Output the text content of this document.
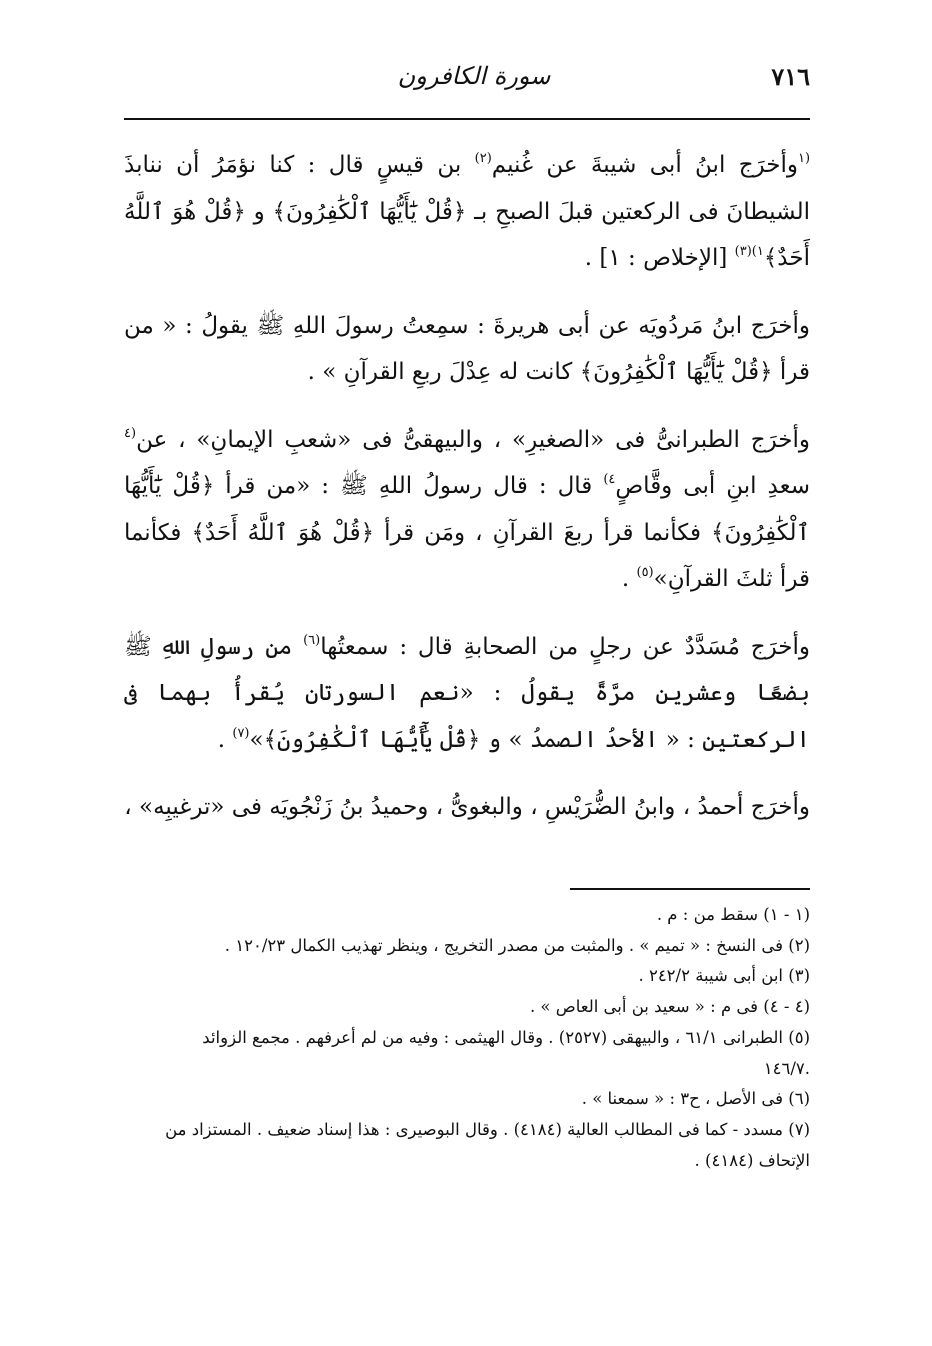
٧١٦
سورة الكافرون

$^{(١}$وأخرَج ابنُ أبى شيبةَ عن غُنيم$^{(٢)}$ بن قيسٍ قال : كنا نؤمَرُ أن ننابذَ الشيطانَ فى الركعتين قبلَ الصبحِ بـ ﴿قُلْ يَٰٓأَيُّهَا ٱلْكَٰفِرُونَ﴾ و ﴿قُلْ هُوَ ٱللَّهُ أَحَدٌ﴾$^{١)(٣)}$ [الإخلاص : ١] .

وأخرَج ابنُ مَردُويَه عن أبى هريرةَ : سمِعتُ رسولَ اللهِ ﷺ يقولُ : « من قرأ ﴿قُلْ يَٰٓأَيُّهَا ٱلْكَٰفِرُونَ﴾ كانت له عِدْلَ ربعِ القرآنِ » .

وأخرَج الطبرانىُّ فى «الصغيرِ» ، والبيهقىُّ فى «شعبِ الإيمانِ» ، عن$^{(٤}$ سعدِ ابنِ أبى وقَّاصٍ$^{٤)}$ قال : قال رسولُ اللهِ ﷺ : «من قرأ ﴿قُلْ يَٰٓأَيُّهَا ٱلْكَٰفِرُونَ﴾ فكأنما قرأ ربعَ القرآنِ ، ومَن قرأ ﴿قُلْ هُوَ ٱللَّهُ أَحَدٌ﴾ فكأنما قرأ ثلثَ القرآنِ»$^{(٥)}$ .

وأخرَج مُسَدَّدٌ عن رجلٍ من الصحابةِ قال : سمعتُها$^{(٦)}$ من رسولِ اللهِ ﷺ بضعًا وعشرين مرَّةً يقولُ : «نعم السورتان يُقرأُ بهما فى الركعتين : « الأحدُ الصمدُ » و ﴿قُلْ يَٰٓأَيُّهَا ٱلْكَٰفِرُونَ﴾»$^{(٧)}$ .

وأخرَج أحمدُ ، وابنُ الضُّرَيْسِ ، والبغوىُّ ، وحميدُ بنُ زَنْجُويَه فى «ترغيبِه» ،

(١ - ١) سقط من : م .

(٢) فى النسخ : « تميم » . والمثبت من مصدر التخريج ، وينظر تهذيب الكمال ١٢٠/٢٣ .

(٣) ابن أبى شيبة ٢٤٢/٢ .

(٤ - ٤) فى م : « سعيد بن أبى العاص » .

(٥) الطبرانى ٦١/١ ، والبيهقى (٢٥٢٧) . وقال الهيثمى : وفيه من لم أعرفهم . مجمع الزوائد

.١٤٦/٧

(٦) فى الأصل ، ح٣ : « سمعنا » .

(٧) مسدد - كما فى المطالب العالية (٤١٨٤) . وقال البوصيرى : هذا إسناد ضعيف . المستزاد من

الإتحاف (٤١٨٤) .
